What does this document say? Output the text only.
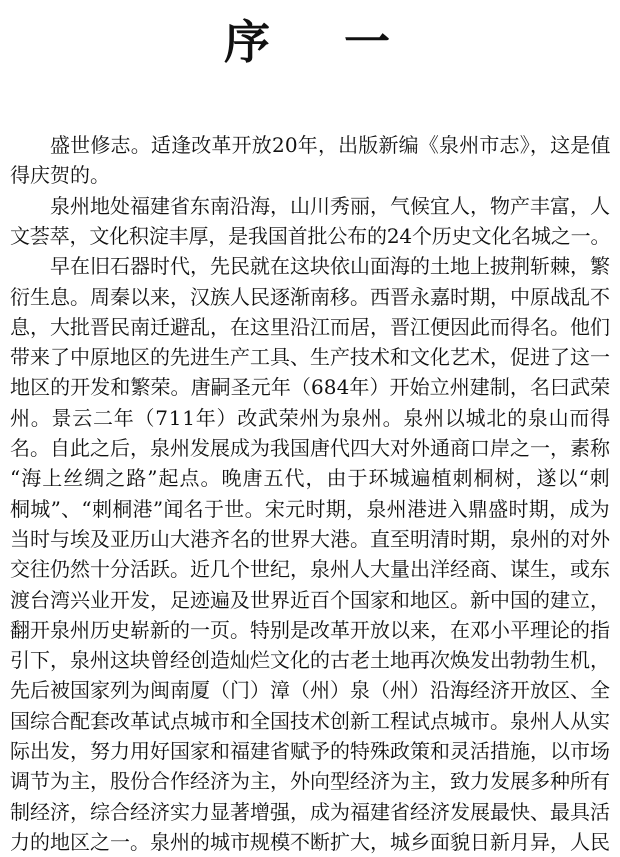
序 一
盛世修志。适逢改革开放20年，出版新编《泉州市志》，这是值
得庆贺的。
泉州地处福建省东南沿海，山川秀丽，气候宜人，物产丰富，人
文荟萃，文化积淀丰厚，是我国首批公布的24个历史文化名城之一。
早在旧石器时代，先民就在这块依山面海的土地上披荆斩棘，繁
衍生息。周秦以来，汉族人民逐渐南移。西晋永嘉时期，中原战乱不
息，大批晋民南迁避乱，在这里沿江而居，晋江便因此而得名。他们
带来了中原地区的先进生产工具、生产技术和文化艺术，促进了这一
地区的开发和繁荣。唐嗣圣元年（684年）开始立州建制，名曰武荣
州。景云二年（711年）改武荣州为泉州。泉州以城北的泉山而得
名。自此之后，泉州发展成为我国唐代四大对外通商口岸之一，素称
“海上丝绸之路”起点。晚唐五代，由于环城遍植刺桐树，遂以“刺
桐城”、“刺桐港”闻名于世。宋元时期，泉州港进入鼎盛时期，成为
当时与埃及亚历山大港齐名的世界大港。直至明清时期，泉州的对外
交往仍然十分活跃。近几个世纪，泉州人大量出洋经商、谋生，或东
渡台湾兴业开发，足迹遍及世界近百个国家和地区。新中国的建立，
翻开泉州历史崭新的一页。特别是改革开放以来，在邓小平理论的指
引下，泉州这块曾经创造灿烂文化的古老土地再次焕发出勃勃生机，
先后被国家列为闽南厦（门）漳（州）泉（州）沿海经济开放区、全
国综合配套改革试点城市和全国技术创新工程试点城市。泉州人从实
际出发，努力用好国家和福建省赋予的特殊政策和灵活措施，以市场
调节为主，股份合作经济为主，外向型经济为主，致力发展多种所有
制经济，综合经济实力显著增强，成为福建省经济发展最快、最具活
力的地区之一。泉州的城市规模不断扩大，城乡面貌日新月异，人民
